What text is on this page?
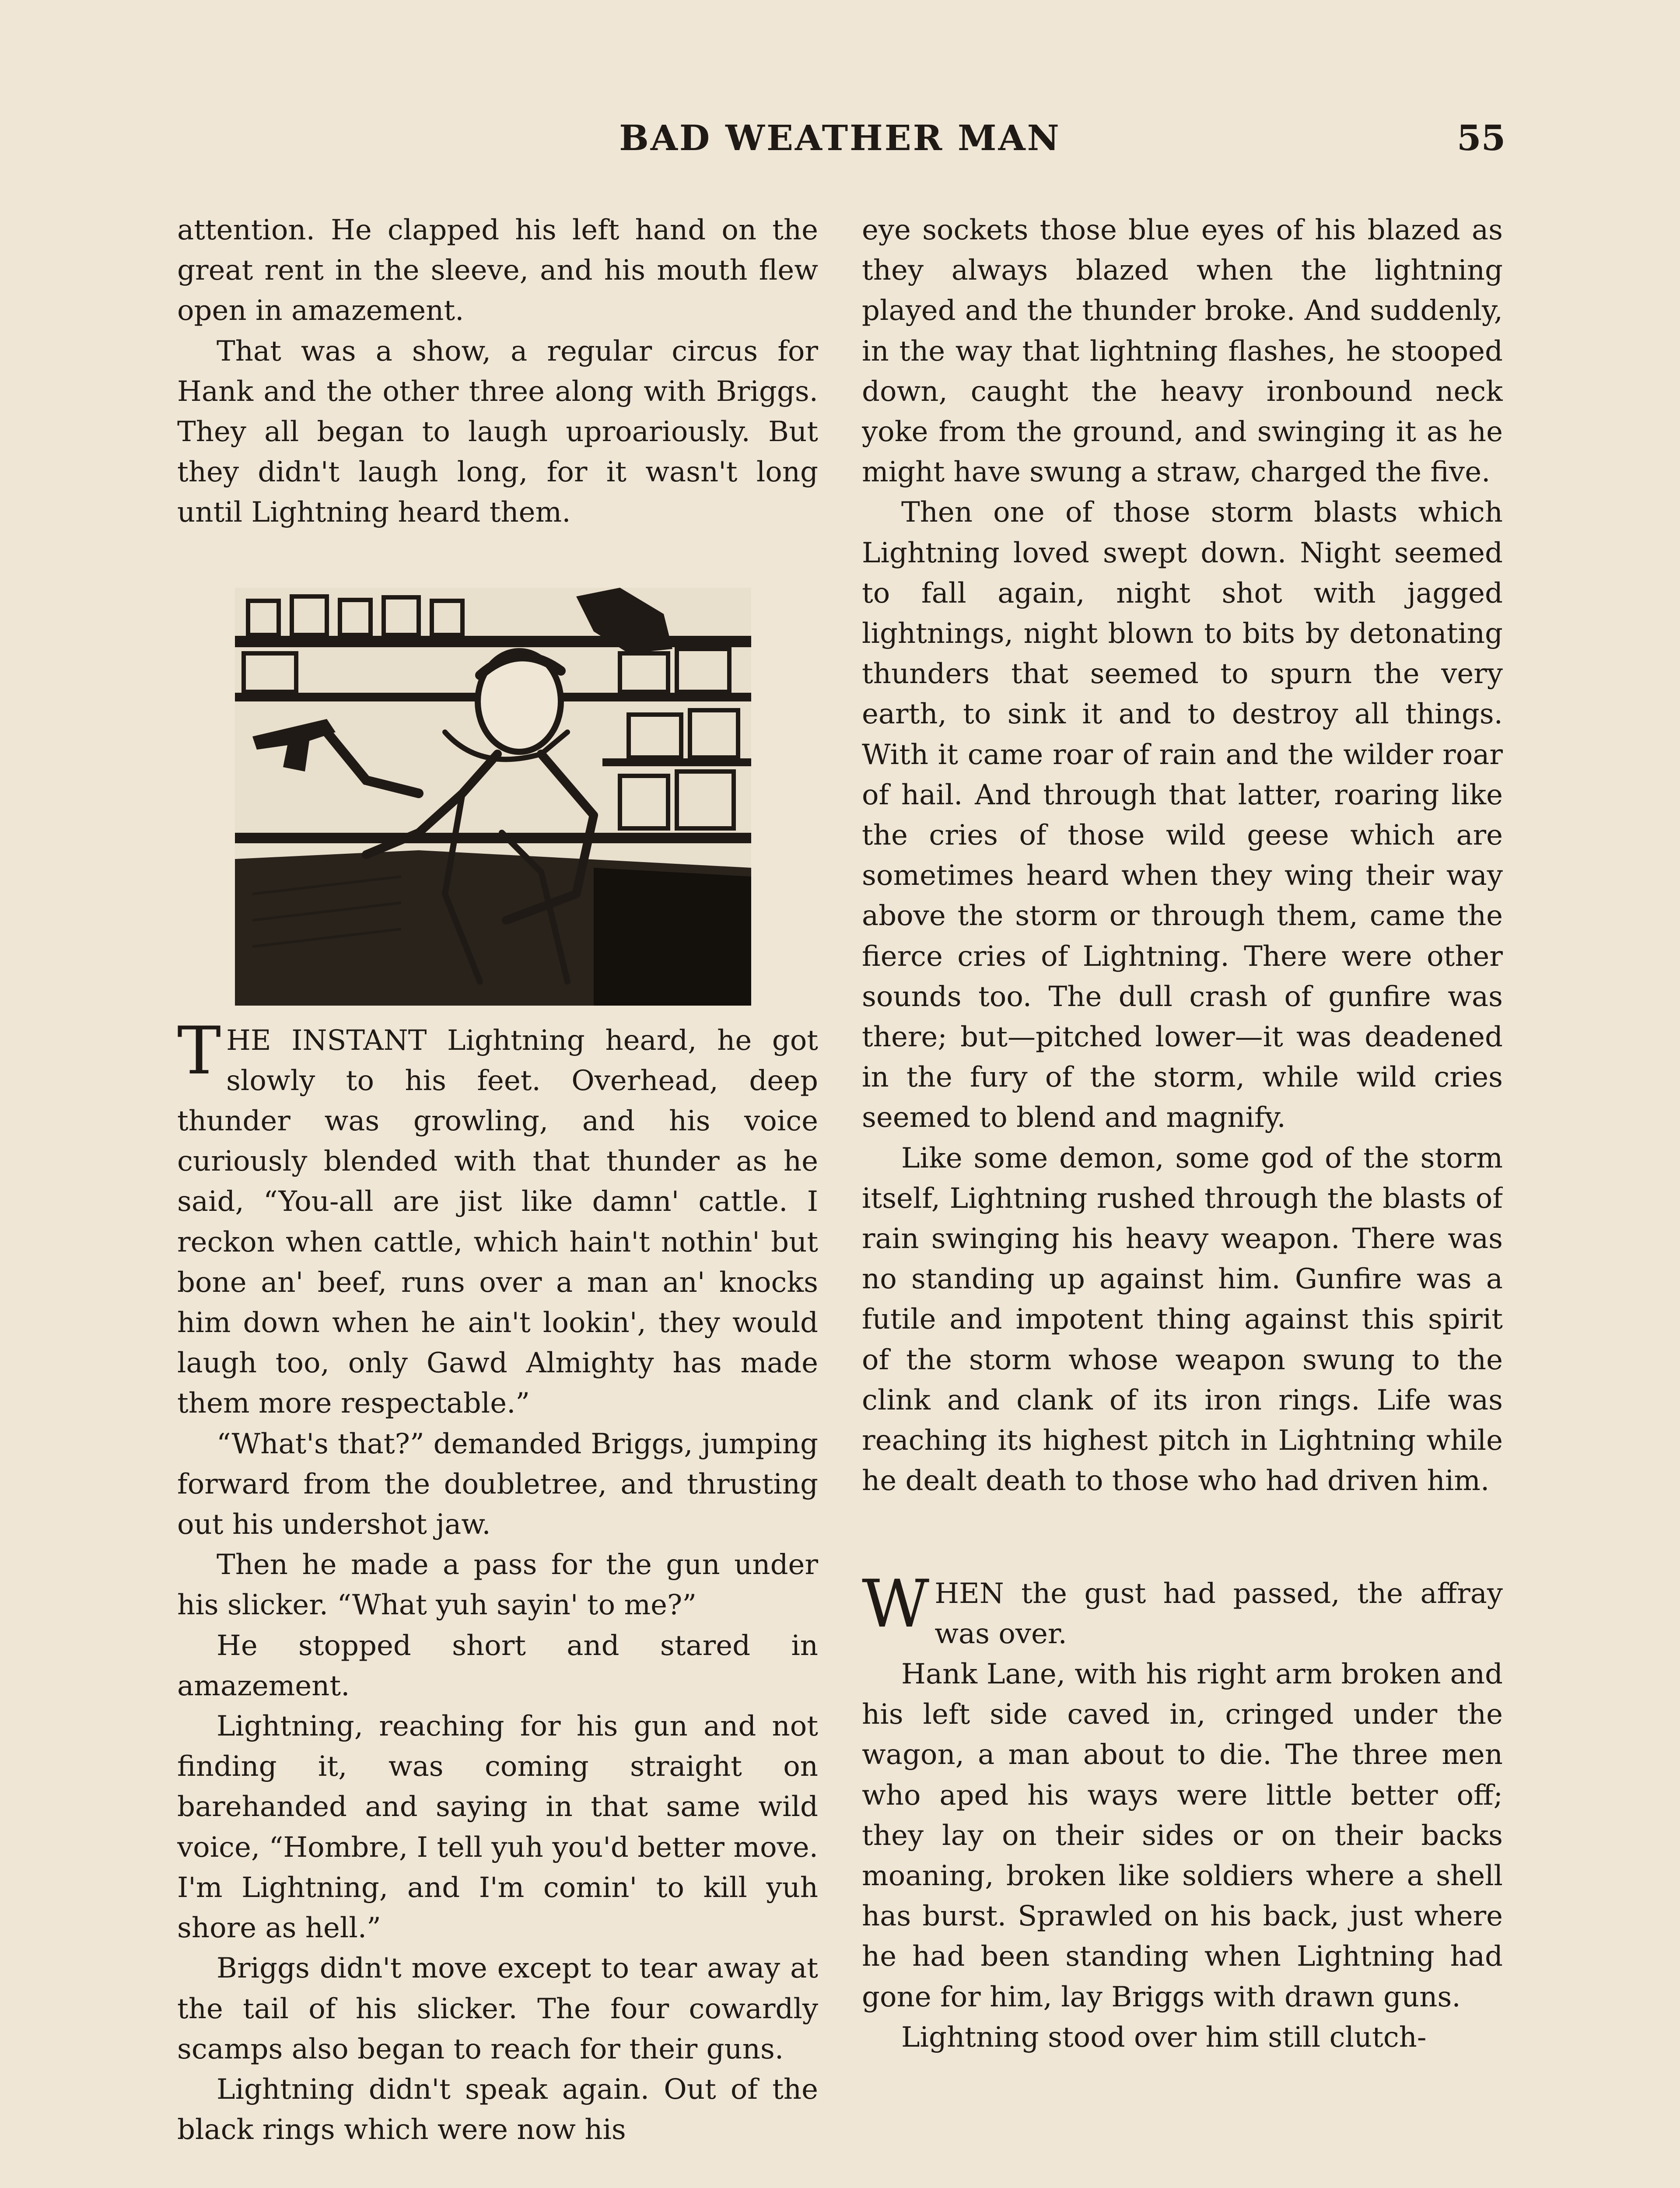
BAD WEATHER MAN	55

attention. He clapped his left hand on the great rent in the sleeve, and his mouth flew open in amazement.

That was a show, a regular circus for Hank and the other three along with Briggs. They all began to laugh uproariously. But they didn't laugh long, for it wasn't long until Lightning heard them.

THE INSTANT Lightning heard, he got slowly to his feet. Overhead, deep thunder was growling, and his voice curiously blended with that thunder as he said, “You-all are jist like damn' cattle. I reckon when cattle, which hain't nothin' but bone an' beef, runs over a man an' knocks him down when he ain't lookin', they would laugh too, only Gawd Almighty has made them more respectable.”

“What's that?” demanded Briggs, jumping forward from the doubletree, and thrusting out his undershot jaw.

Then he made a pass for the gun under his slicker. “What yuh sayin' to me?”

He stopped short and stared in amazement.

Lightning, reaching for his gun and not finding it, was coming straight on barehanded and saying in that same wild voice, “Hombre, I tell yuh you'd better move. I'm Lightning, and I'm comin' to kill yuh shore as hell.”

Briggs didn't move except to tear away at the tail of his slicker. The four cowardly scamps also began to reach for their guns.

Lightning didn't speak again. Out of the black rings which were now his

eye sockets those blue eyes of his blazed as they always blazed when the lightning played and the thunder broke. And suddenly, in the way that lightning flashes, he stooped down, caught the heavy ironbound neck yoke from the ground, and swinging it as he might have swung a straw, charged the five.

Then one of those storm blasts which Lightning loved swept down. Night seemed to fall again, night shot with jagged lightnings, night blown to bits by detonating thunders that seemed to spurn the very earth, to sink it and to destroy all things. With it came roar of rain and the wilder roar of hail. And through that latter, roaring like the cries of those wild geese which are sometimes heard when they wing their way above the storm or through them, came the fierce cries of Lightning. There were other sounds too. The dull crash of gunfire was there; but—pitched lower—it was deadened in the fury of the storm, while wild cries seemed to blend and magnify.

Like some demon, some god of the storm itself, Lightning rushed through the blasts of rain swinging his heavy weapon. There was no standing up against him. Gunfire was a futile and impotent thing against this spirit of the storm whose weapon swung to the clink and clank of its iron rings. Life was reaching its highest pitch in Lightning while he dealt death to those who had driven him.

WHEN the gust had passed, the affray was over.

Hank Lane, with his right arm broken and his left side caved in, cringed under the wagon, a man about to die. The three men who aped his ways were little better off; they lay on their sides or on their backs moaning, broken like soldiers where a shell has burst. Sprawled on his back, just where he had been standing when Lightning had gone for him, lay Briggs with drawn guns.

Lightning stood over him still clutch-
